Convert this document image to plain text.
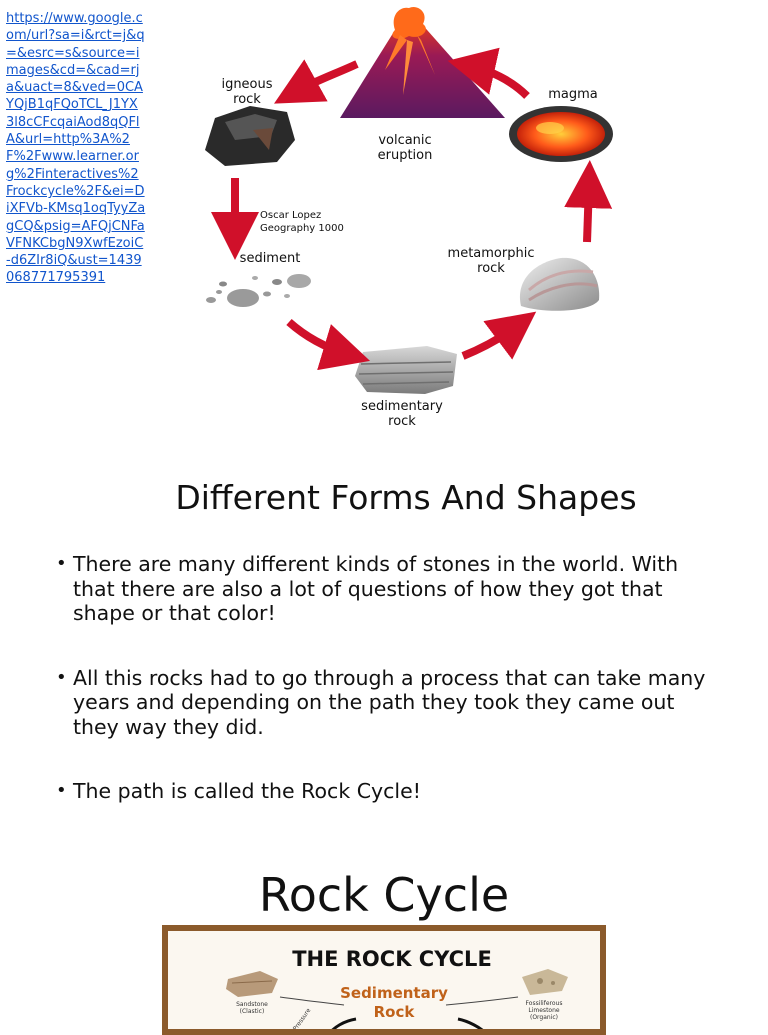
https://www.google.com/url?sa=i&rct=j&q=&esrc=s&source=images&cd=&cad=rja&uact=8&ved=0CAYQjB1qFQoTCL_J1YX3l8cCFcqaiAod8qQFlA&url=http%3A%2F%2Fwww.learner.org%2Finteractives%2Frockcycle%2F&ei=DiXFVb-KMsq1oqTyyZagCQ&psig=AFQjCNFaVFNKCbgN9XwfEzoiC-d6ZIr8iQ&ust=1439068771795391
volcanic
eruption
igneous
rock	magma
Oscar Lopez
Geography 1000
sediment	metamorphic
rock
sedimentary
rock
Different Forms And Shapes
• There are many different kinds of stones in the world. With that there are also a lot of questions of how they got that shape or that color!
• All this rocks had to go through a process that can take many years and depending on the path they took they came out they way they did.
• The path is called the Rock Cycle!
Rock Cycle
THE ROCK CYCLE
Sedimentary
Rock
Sandstone
(Clastic)
Fossiliferous
Limestone
(Organic)
Pressure
